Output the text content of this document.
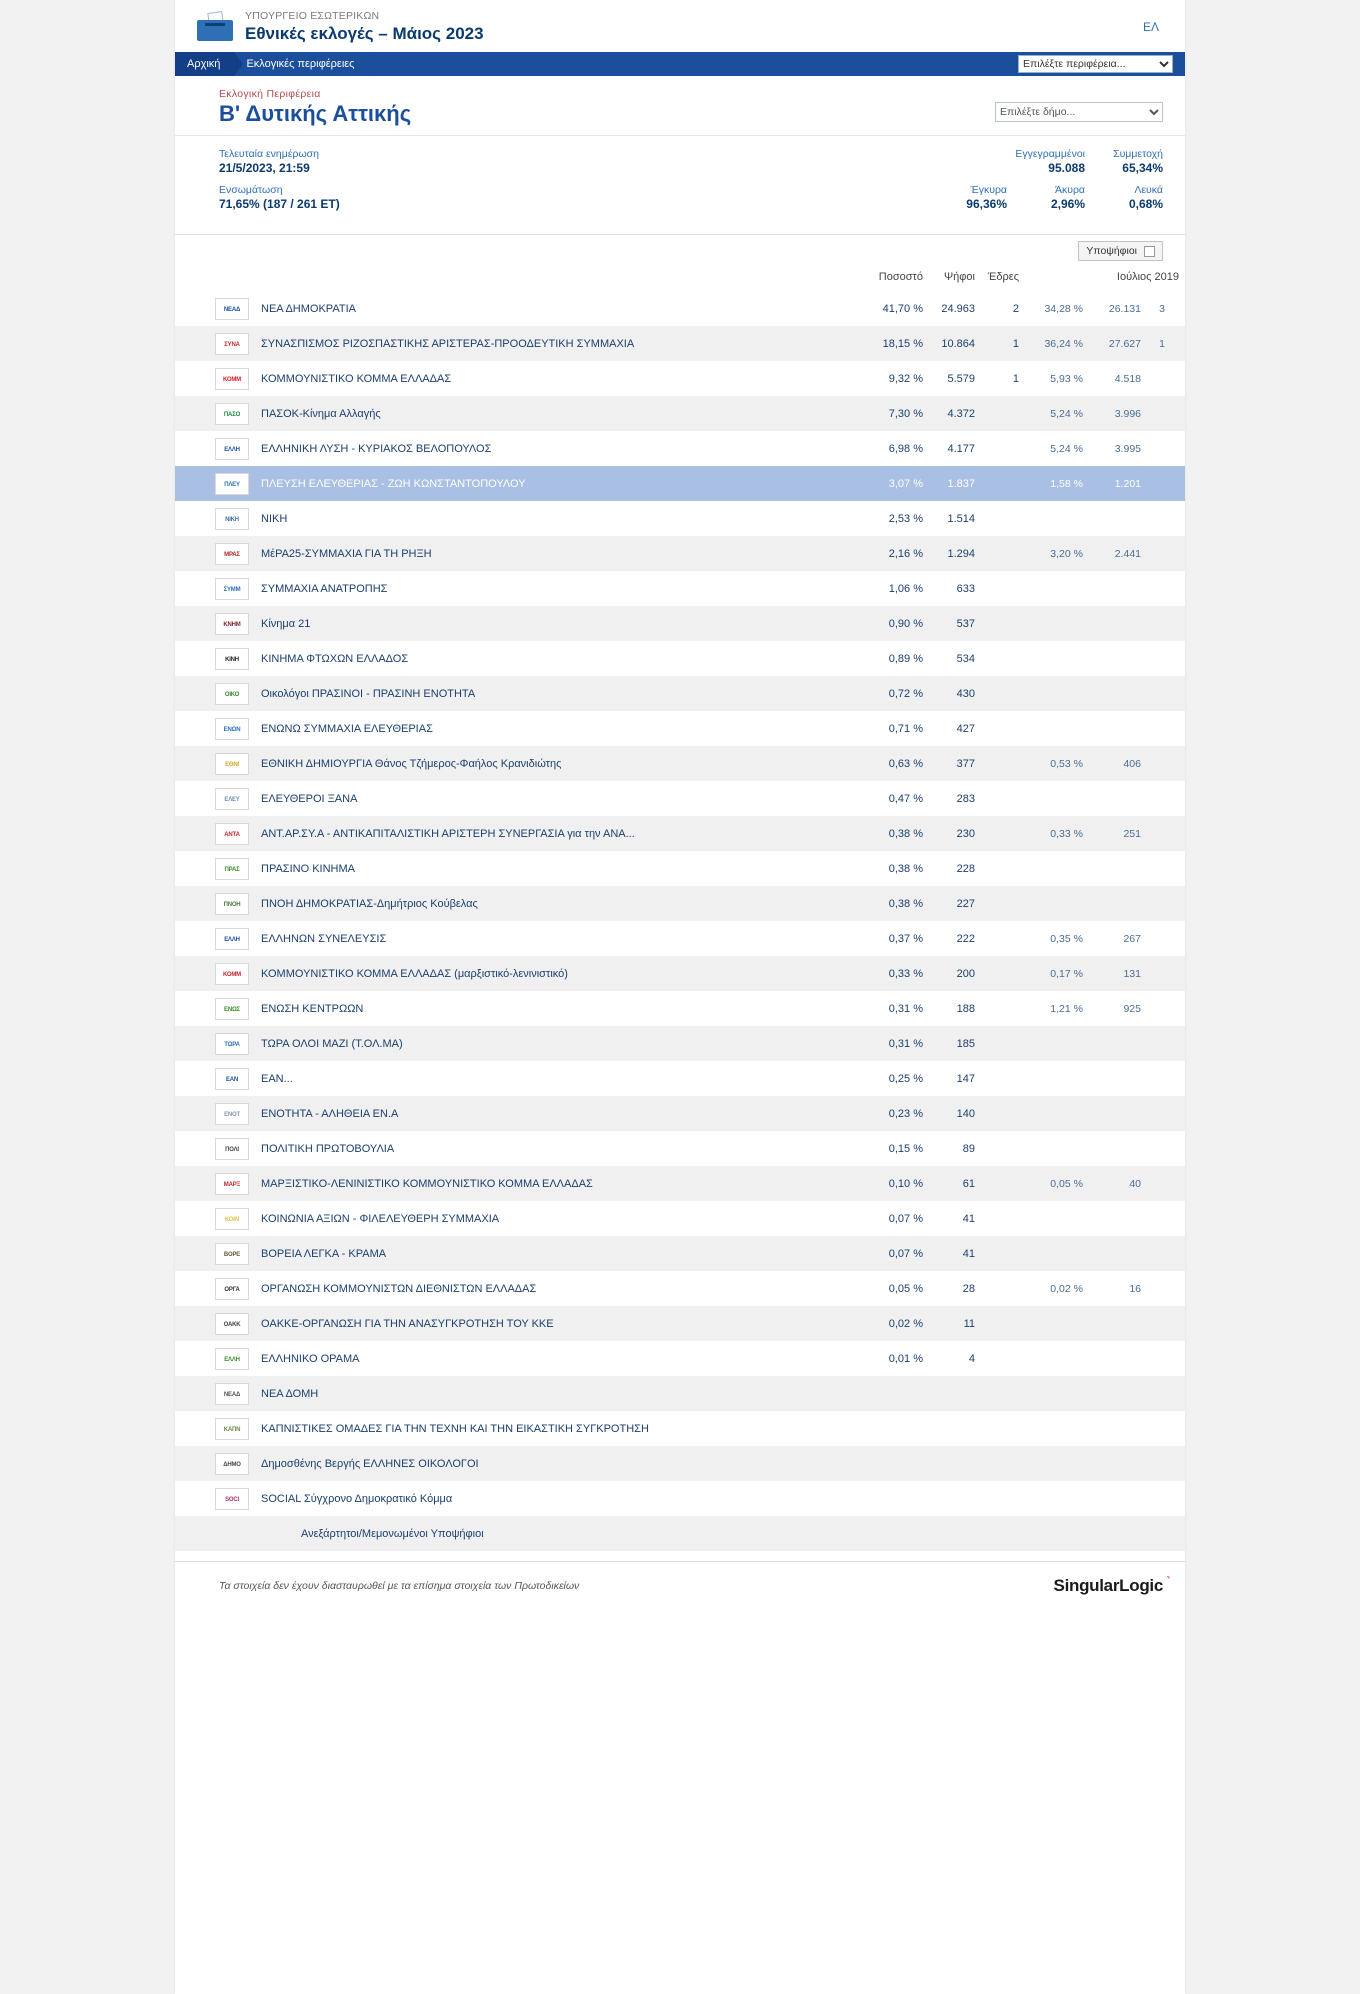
ΥΠΟΥΡΓΕΙΟ ΕΣΩΤΕΡΙΚΩΝ
Εθνικές εκλογές – Μάιος 2023	ΕΛ
Αρχική	Εκλογικές περιφέρειες
Επιλέξτε περιφέρεια...
Εκλογική Περιφέρεια
Β' Δυτικής Αττικής
Επιλέξτε δήμο...
Τελευταία ενημέρωση
21/5/2023, 21:59
Ενσωμάτωση
71,65% (187 / 261 ΕΤ)
Εγγεγραμμένοι
95.088
Συμμετοχή
65,34%
Έγκυρα
96,36%
Άκυρα
2,96%
Λευκά
0,68%
Υποψήφιοι
		Ποσοστό	Ψήφοι	Έδρες	Ιούλιος 2019		

ΝΕΑΔ	ΝΕΑ ΔΗΜΟΚΡΑΤΙΑ	41,70 %	24.963	2	34,28 %	26.131	3

ΣΥΝΑ	ΣΥΝΑΣΠΙΣΜΟΣ ΡΙΖΟΣΠΑΣΤΙΚΗΣ ΑΡΙΣΤΕΡΑΣ-ΠΡΟΟΔΕΥΤΙΚΗ ΣΥΜΜΑΧΙΑ	18,15 %	10.864	1	36,24 %	27.627	1

ΚΟΜΜ	ΚΟΜΜΟΥΝΙΣΤΙΚΟ ΚΟΜΜΑ ΕΛΛΑΔΑΣ	9,32 %	5.579	1	5,93 %	4.518	

ΠΑΣΟ	ΠΑΣΟΚ-Κίνημα Αλλαγής	7,30 %	4.372		5,24 %	3.996	

ΕΛΛΗ	ΕΛΛΗΝΙΚΗ ΛΥΣΗ - ΚΥΡΙΑΚΟΣ ΒΕΛΟΠΟΥΛΟΣ	6,98 %	4.177		5,24 %	3.995	

ΠΛΕΥ	ΠΛΕΥΣΗ ΕΛΕΥΘΕΡΙΑΣ - ΖΩΗ ΚΩΝΣΤΑΝΤΟΠΟΥΛΟΥ	3,07 %	1.837		1,58 %	1.201	

ΝΙΚΗ	ΝΙΚΗ	2,53 %	1.514				

ΜΡΑΣ	ΜέΡΑ25-ΣΥΜΜΑΧΙΑ ΓΙΑ ΤΗ ΡΗΞΗ	2,16 %	1.294		3,20 %	2.441	

ΣΥΜΜ	ΣΥΜΜΑΧΙΑ ΑΝΑΤΡΟΠΗΣ	1,06 %	633				

ΚΝΗΜ	Κίνημα 21	0,90 %	537				

ΚΙΝΗ	ΚΙΝΗΜΑ ΦΤΩΧΩΝ ΕΛΛΑΔΟΣ	0,89 %	534				

ΟΙΚΟ	Οικολόγοι ΠΡΑΣΙΝΟΙ - ΠΡΑΣΙΝΗ ΕΝΟΤΗΤΑ	0,72 %	430				

ΕΝΩΝ	ΕΝΩΝΩ ΣΥΜΜΑΧΙΑ ΕΛΕΥΘΕΡΙΑΣ	0,71 %	427				

ΕΘΝΙ	ΕΘΝΙΚΗ ΔΗΜΙΟΥΡΓΙΑ Θάνος Τζήμερος-Φαήλος Κρανιδιώτης	0,63 %	377		0,53 %	406	

ΕΛΕΥ	ΕΛΕΥΘΕΡΟΙ ΞΑΝΑ	0,47 %	283				

ΑΝΤΑ	ΑΝΤ.ΑΡ.ΣΥ.Α - ΑΝΤΙΚΑΠΙΤΑΛΙΣΤΙΚΗ ΑΡΙΣΤΕΡΗ ΣΥΝΕΡΓΑΣΙΑ για την ΑΝΑ...	0,38 %	230		0,33 %	251	

ΠΡΑΣ	ΠΡΑΣΙΝΟ ΚΙΝΗΜΑ	0,38 %	228				

ΠΝΟΗ	ΠΝΟΗ ΔΗΜΟΚΡΑΤΙΑΣ-Δημήτριος Κούβελας	0,38 %	227				

ΕΛΛΗ	ΕΛΛΗΝΩΝ ΣΥΝΕΛΕΥΣΙΣ	0,37 %	222		0,35 %	267	

ΚΟΜΜ	ΚΟΜΜΟΥΝΙΣΤΙΚΟ ΚΟΜΜΑ ΕΛΛΑΔΑΣ (μαρξιστικό-λενινιστικό)	0,33 %	200		0,17 %	131	

ΕΝΩΣ	ΕΝΩΣΗ ΚΕΝΤΡΩΩΝ	0,31 %	188		1,21 %	925	

ΤΩΡΑ	ΤΩΡΑ ΟΛΟΙ ΜΑΖΙ (Τ.ΟΛ.ΜΑ)	0,31 %	185				

ΕΑΝ	ΕΑΝ...	0,25 %	147				

ΕΝΟΤ	ΕΝΟΤΗΤΑ - ΑΛΗΘΕΙΑ ΕΝ.Α	0,23 %	140				

ΠΟΛΙ	ΠΟΛΙΤΙΚΗ ΠΡΩΤΟΒΟΥΛΙΑ	0,15 %	89				

ΜΑΡΞ	ΜΑΡΞΙΣΤΙΚΟ-ΛΕΝΙΝΙΣΤΙΚΟ ΚΟΜΜΟΥΝΙΣΤΙΚΟ ΚΟΜΜΑ ΕΛΛΑΔΑΣ	0,10 %	61		0,05 %	40	

ΚΟΙΝ	ΚΟΙΝΩΝΙΑ ΑΞΙΩΝ - ΦΙΛΕΛΕΥΘΕΡΗ ΣΥΜΜΑΧΙΑ	0,07 %	41				

ΒΟΡΕ	ΒΟΡΕΙΑ ΛΕΓΚΑ - ΚΡΑΜΑ	0,07 %	41				

ΟΡΓΑ	ΟΡΓΑΝΩΣΗ ΚΟΜΜΟΥΝΙΣΤΩΝ ΔΙΕΘΝΙΣΤΩΝ ΕΛΛΑΔΑΣ	0,05 %	28		0,02 %	16	

ΟΑΚΚ	ΟΑΚΚΕ-ΟΡΓΑΝΩΣΗ ΓΙΑ ΤΗΝ ΑΝΑΣΥΓΚΡΟΤΗΣΗ ΤΟΥ ΚΚΕ	0,02 %	11				

ΕΛΛΗ	ΕΛΛΗΝΙΚΟ ΟΡΑΜΑ	0,01 %	4				

ΝΕΑΔ	ΝΕΑ ΔΟΜΗ						

ΚΑΠΝ	ΚΑΠΝΙΣΤΙΚΕΣ ΟΜΑΔΕΣ ΓΙΑ ΤΗΝ ΤΕΧΝΗ ΚΑΙ ΤΗΝ ΕΙΚΑΣΤΙΚΗ ΣΥΓΚΡΟΤΗΣΗ						

ΔΗΜΟ	Δημοσθένης Βεργής ΕΛΛΗΝΕΣ ΟΙΚΟΛΟΓΟΙ						

SOCI	SOCIAL Σύγχρονο Δημοκρατικό Κόμμα						
	Ανεξάρτητοι/Μεμονωμένοι Υποψήφιοι						
Τα στοιχεία δεν έχουν διασταυρωθεί με τα επίσημα στοιχεία των Πρωτοδικείων	SingularLogic ˺
